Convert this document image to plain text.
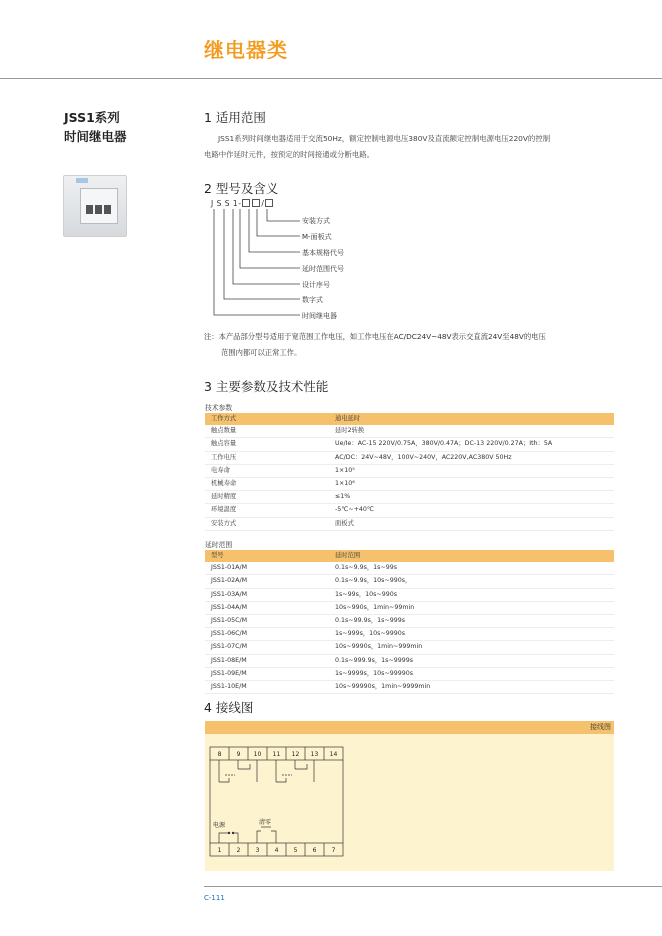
继电器类
JSS1系列
时间继电器
1 适用范围
JSS1系列时间继电器适用于交流50Hz，额定控制电源电压380V及直流额定控制电源电压220V的控制
电路中作延时元件，按预定的时间接通或分断电路。
2 型号及含义
J S S 1-	/
安装方式
M-面板式
基本规格代号
延时范围代号
设计序号
数字式
时间继电器
注：本产品部分型号适用于宽范围工作电压，如工作电压在AC/DC24V~48V表示交直流24V至48V的电压
范围内都可以正常工作。
3 主要参数及技术性能
技术参数
工作方式	通电延时
触点数量	延时2转换
触点容量	Ue/Ie：AC-15 220V/0.75A，380V/0.47A；DC-13 220V/0.27A；Ith：5A
工作电压	AC/DC：24V~48V，100V~240V，AC220V,AC380V 50Hz
电寿命	1×10⁵
机械寿命	1×10⁶
延时精度	≤1%
环境温度	-5℃~+40℃
安装方式	面板式
延时范围
型号	延时范围
JSS1-01A/M	0.1s~9.9s，1s~99s
JSS1-02A/M	0.1s~9.9s，10s~990s，
JSS1-03A/M	1s~99s，10s~990s
JSS1-04A/M	10s~990s，1min~99min
JSS1-05C/M	0.1s~99.9s，1s~999s
JSS1-06C/M	1s~999s，10s~9990s
JSS1-07C/M	10s~9990s，1min~999min
JSS1-08E/M	0.1s~999.9s，1s~9999s
JSS1-09E/M	1s~9999s，10s~99990s
JSS1-10E/M	10s~99990s，1min~9999min
4 接线图
接线图
8	9 10 11 12 13 14
1	2	3	4	5	6	7
电源	清零
C-111
